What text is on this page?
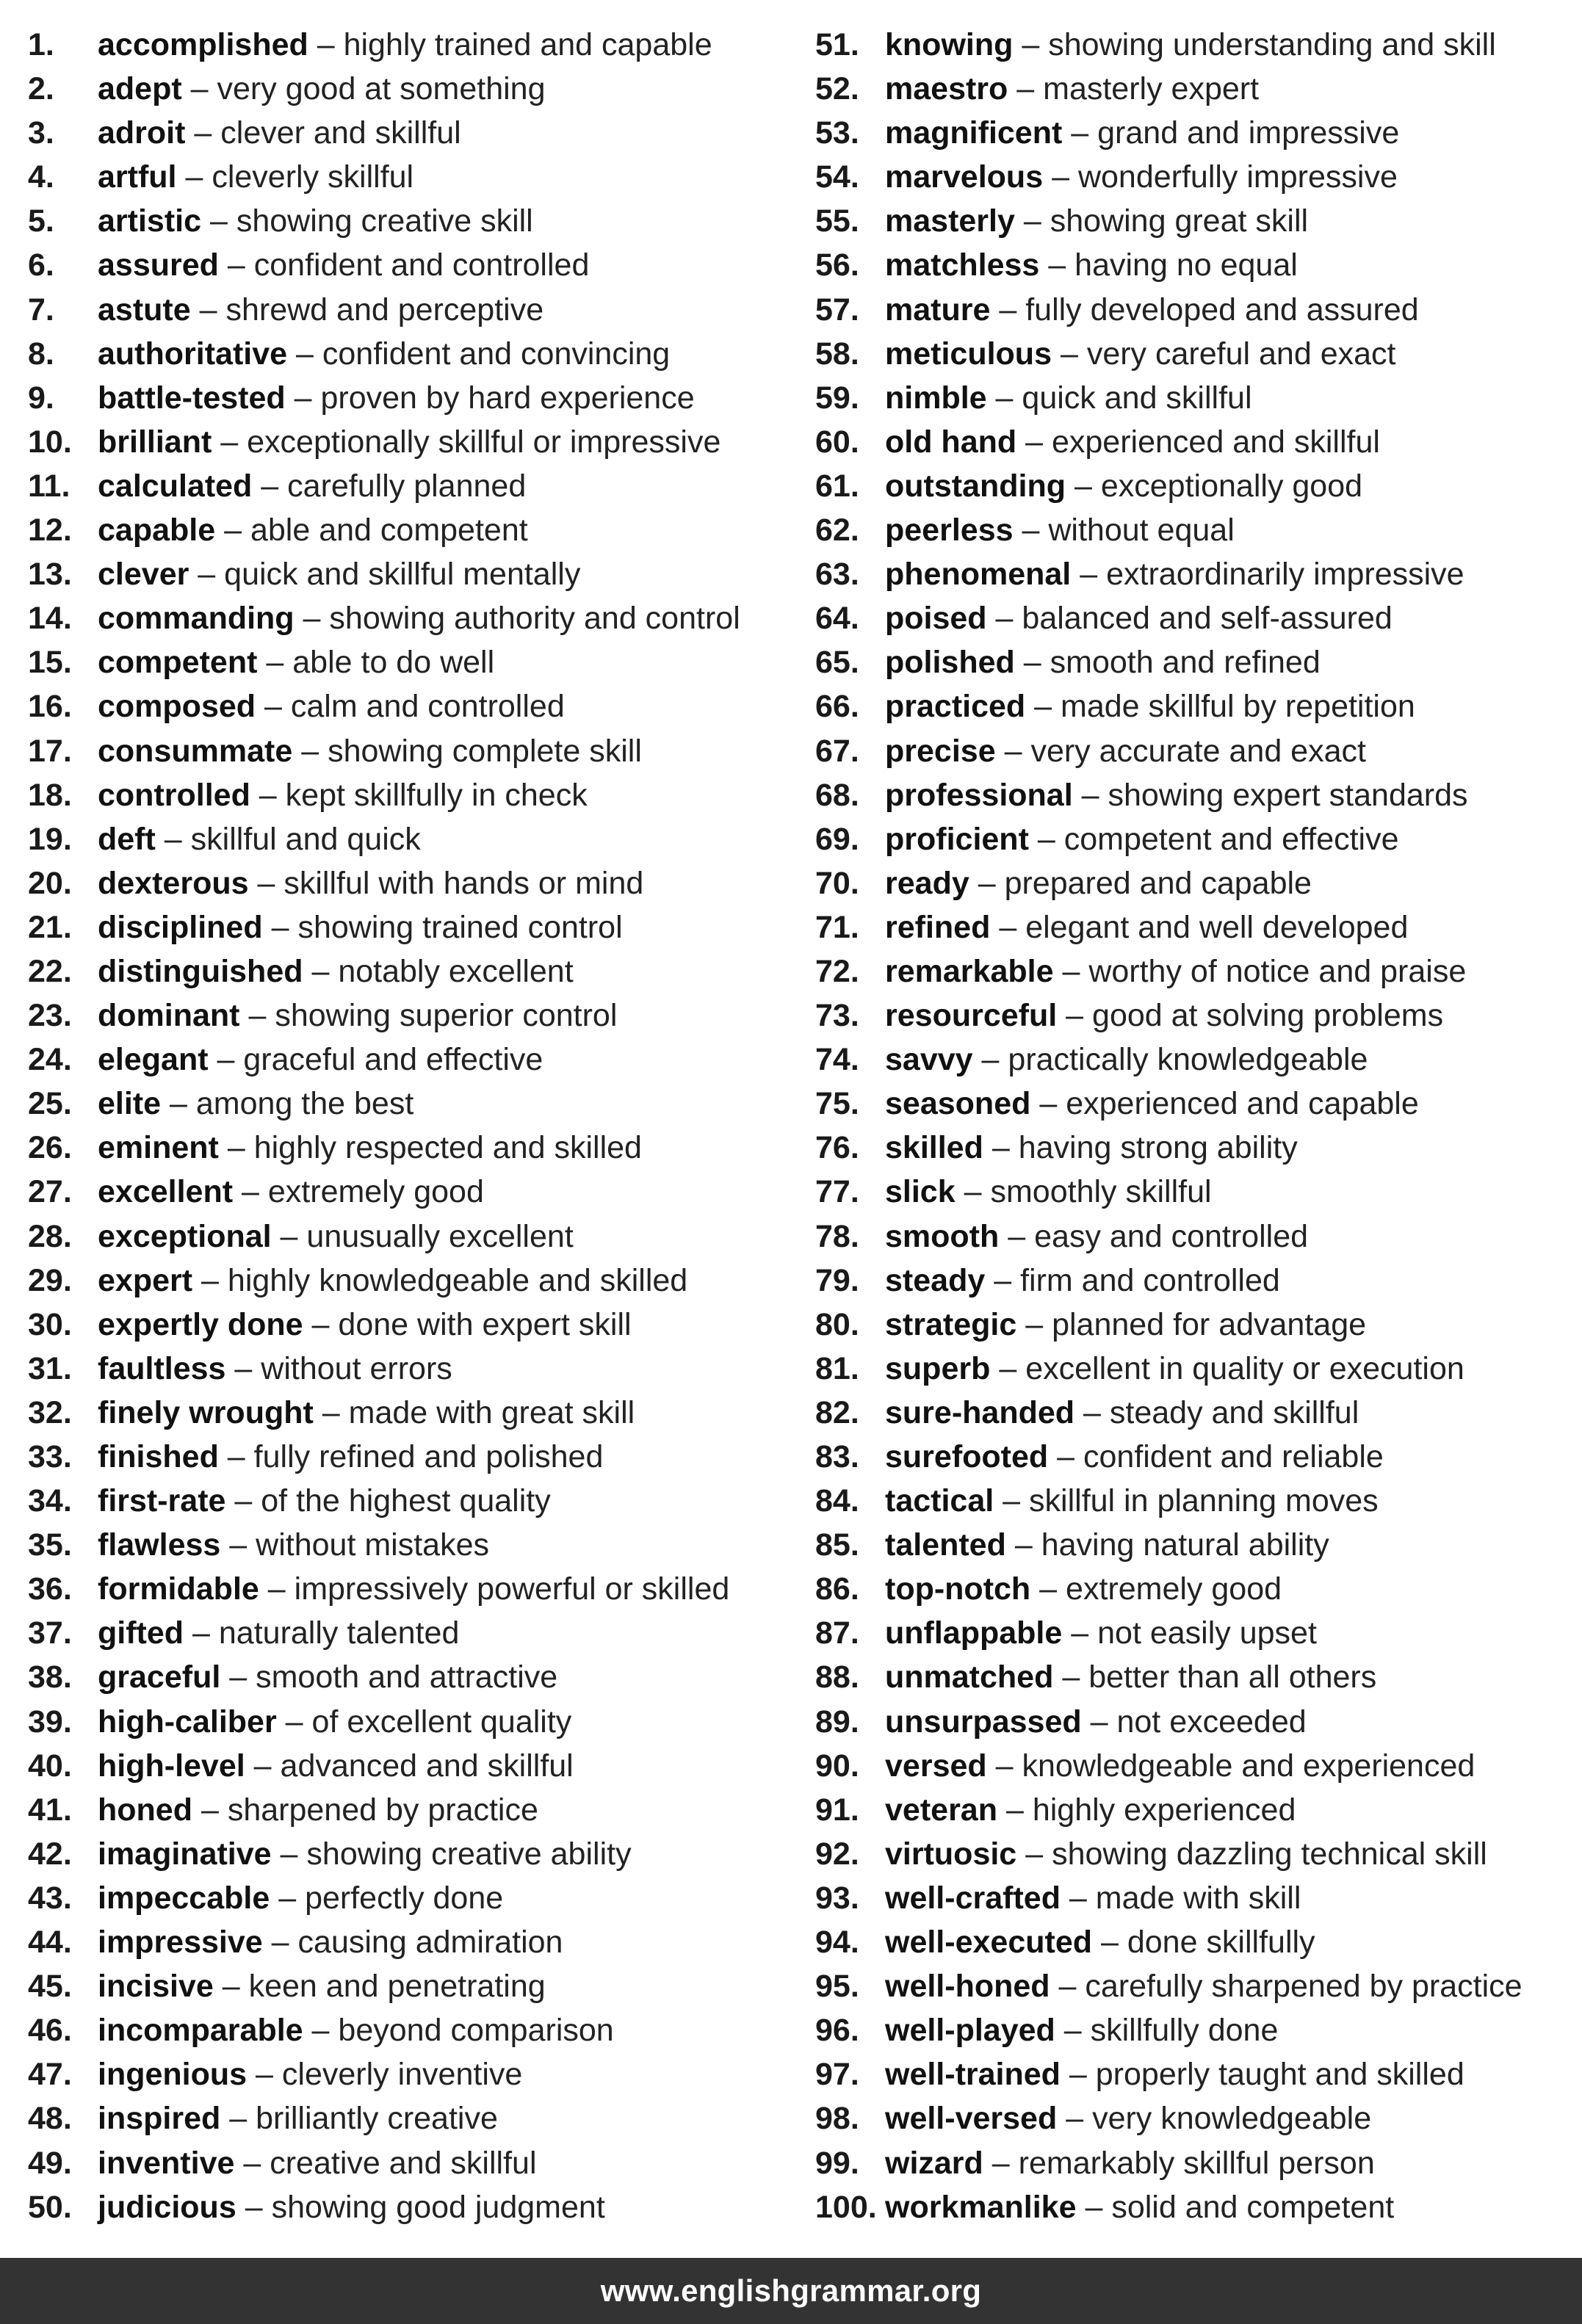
1. accomplished – highly trained and capable
2. adept – very good at something
3. adroit – clever and skillful
4. artful – cleverly skillful
5. artistic – showing creative skill
6. assured – confident and controlled
7. astute – shrewd and perceptive
8. authoritative – confident and convincing
9. battle-tested – proven by hard experience
10. brilliant – exceptionally skillful or impressive
11. calculated – carefully planned
12. capable – able and competent
13. clever – quick and skillful mentally
14. commanding – showing authority and control
15. competent – able to do well
16. composed – calm and controlled
17. consummate – showing complete skill
18. controlled – kept skillfully in check
19. deft – skillful and quick
20. dexterous – skillful with hands or mind
21. disciplined – showing trained control
22. distinguished – notably excellent
23. dominant – showing superior control
24. elegant – graceful and effective
25. elite – among the best
26. eminent – highly respected and skilled
27. excellent – extremely good
28. exceptional – unusually excellent
29. expert – highly knowledgeable and skilled
30. expertly done – done with expert skill
31. faultless – without errors
32. finely wrought – made with great skill
33. finished – fully refined and polished
34. first-rate – of the highest quality
35. flawless – without mistakes
36. formidable – impressively powerful or skilled
37. gifted – naturally talented
38. graceful – smooth and attractive
39. high-caliber – of excellent quality
40. high-level – advanced and skillful
41. honed – sharpened by practice
42. imaginative – showing creative ability
43. impeccable – perfectly done
44. impressive – causing admiration
45. incisive – keen and penetrating
46. incomparable – beyond comparison
47. ingenious – cleverly inventive
48. inspired – brilliantly creative
49. inventive – creative and skillful
50. judicious – showing good judgment
51. knowing – showing understanding and skill
52. maestro – masterly expert
53. magnificent – grand and impressive
54. marvelous – wonderfully impressive
55. masterly – showing great skill
56. matchless – having no equal
57. mature – fully developed and assured
58. meticulous – very careful and exact
59. nimble – quick and skillful
60. old hand – experienced and skillful
61. outstanding – exceptionally good
62. peerless – without equal
63. phenomenal – extraordinarily impressive
64. poised – balanced and self-assured
65. polished – smooth and refined
66. practiced – made skillful by repetition
67. precise – very accurate and exact
68. professional – showing expert standards
69. proficient – competent and effective
70. ready – prepared and capable
71. refined – elegant and well developed
72. remarkable – worthy of notice and praise
73. resourceful – good at solving problems
74. savvy – practically knowledgeable
75. seasoned – experienced and capable
76. skilled – having strong ability
77. slick – smoothly skillful
78. smooth – easy and controlled
79. steady – firm and controlled
80. strategic – planned for advantage
81. superb – excellent in quality or execution
82. sure-handed – steady and skillful
83. surefooted – confident and reliable
84. tactical – skillful in planning moves
85. talented – having natural ability
86. top-notch – extremely good
87. unflappable – not easily upset
88. unmatched – better than all others
89. unsurpassed – not exceeded
90. versed – knowledgeable and experienced
91. veteran – highly experienced
92. virtuosic – showing dazzling technical skill
93. well-crafted – made with skill
94. well-executed – done skillfully
95. well-honed – carefully sharpened by practice
96. well-played – skillfully done
97. well-trained – properly taught and skilled
98. well-versed – very knowledgeable
99. wizard – remarkably skillful person
100. workmanlike – solid and competent
www.englishgrammar.org
